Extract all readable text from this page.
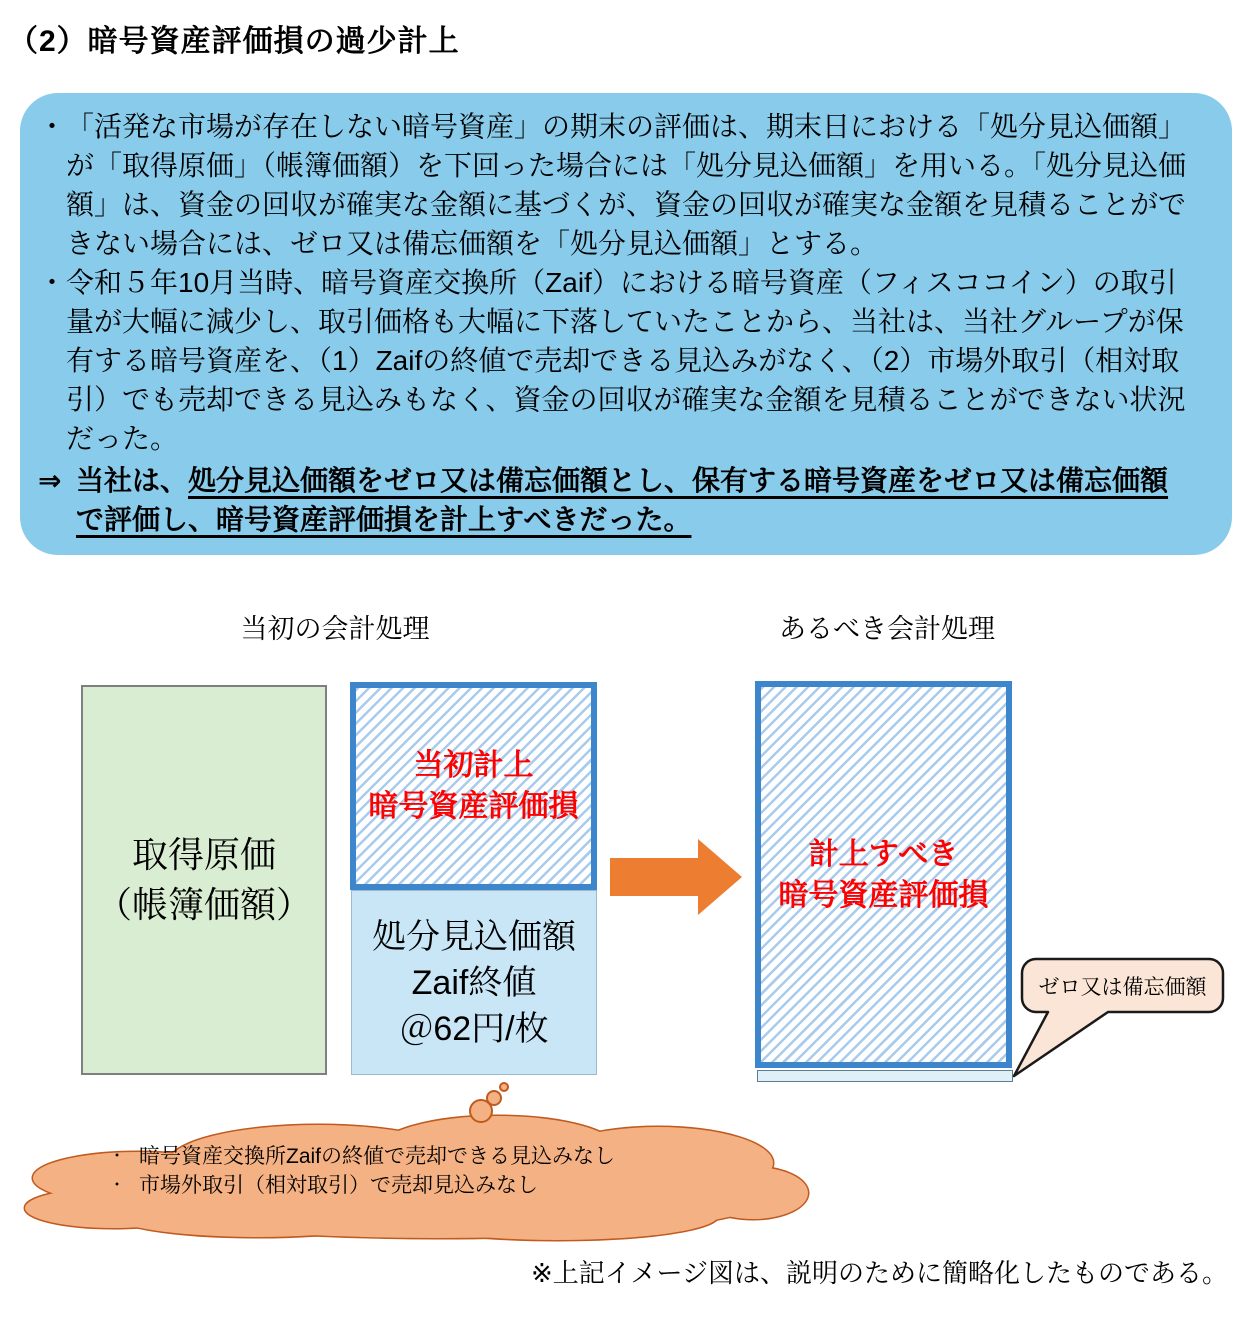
（2）暗号資産評価損の過少計上
・ 「活発な市場が存在しない暗号資産」の期末の評価は、期末日における「処分見込価額」が「取得原価」（帳簿価額）を下回った場合には「処分見込価額」を用いる。「処分見込価額」は、資金の回収が確実な金額に基づくが、資金の回収が確実な金額を見積ることができない場合には、ゼロ又は備忘価額を「処分見込価額」とする。
・ 令和５年10月当時、暗号資産交換所（Zaif）における暗号資産（フィスココイン）の取引量が大幅に減少し、取引価格も大幅に下落していたことから、当社は、当社グループが保有する暗号資産を、（1）Zaifの終値で売却できる見込みがなく、（2）市場外取引（相対取引）でも売却できる見込みもなく、資金の回収が確実な金額を見積ることができない状況だった。
⇒ 当社は、処分見込価額をゼロ又は備忘価額とし、保有する暗号資産をゼロ又は備忘価額で評価し、暗号資産評価損を計上すべきだった。
当初の会計処理	あるべき会計処理
取得原価
（帳簿価額）
当初計上
暗号資産評価損
処分見込価額
Zaif終値
＠62円/枚
計上すべき
暗号資産評価損
ゼロ又は備忘価額
・ 暗号資産交換所Zaifの終値で売却できる見込みなし
・ 市場外取引（相対取引）で売却見込みなし
※上記イメージ図は、説明のために簡略化したものである。
